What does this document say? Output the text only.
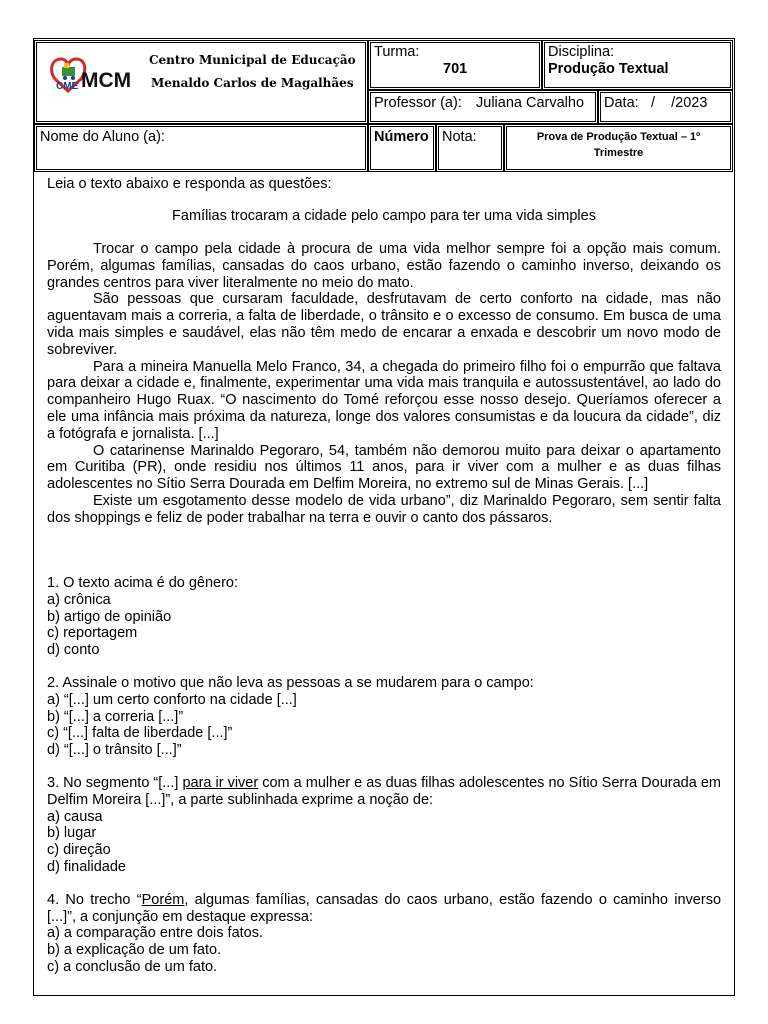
CME MCM
Centro Municipal de Educação
Menaldo Carlos de Magalhães
Turma:
701
Disciplina:
Produção Textual
Professor (a): Juliana Carvalho Data: /    /2023
Nome do Aluno (a):	Número Nota:	Prova de Produção Textual – 1º Trimestre

Leia o texto abaixo e responda as questões:

Famílias trocaram a cidade pelo campo para ter uma vida simples

Trocar o campo pela cidade à procura de uma vida melhor sempre foi a opção mais comum. Porém, algumas famílias, cansadas do caos urbano, estão fazendo o caminho inverso, deixando os grandes centros para viver literalmente no meio do mato.

São pessoas que cursaram faculdade, desfrutavam de certo conforto na cidade, mas não aguentavam mais a correria, a falta de liberdade, o trânsito e o excesso de consumo. Em busca de uma vida mais simples e saudável, elas não têm medo de encarar a enxada e descobrir um novo modo de sobreviver.

Para a mineira Manuella Melo Franco, 34, a chegada do primeiro filho foi o empurrão que faltava para deixar a cidade e, finalmente, experimentar uma vida mais tranquila e autossustentável, ao lado do companheiro Hugo Ruax. “O nascimento do Tomé reforçou esse nosso desejo. Queríamos oferecer a ele uma infância mais próxima da natureza, longe dos valores consumistas e da loucura da cidade”, diz a fotógrafa e jornalista. [...]

O catarinense Marinaldo Pegoraro, 54, também não demorou muito para deixar o apartamento em Curitiba (PR), onde residiu nos últimos 11 anos, para ir viver com a mulher e as duas filhas adolescentes no Sítio Serra Dourada em Delfim Moreira, no extremo sul de Minas Gerais. [...]

Existe um esgotamento desse modelo de vida urbano”, diz Marinaldo Pegoraro, sem sentir falta dos shoppings e feliz de poder trabalhar na terra e ouvir o canto dos pássaros.

1. O texto acima é do gênero:

a) crônica

b) artigo de opinião

c) reportagem

d) conto

2. Assinale o motivo que não leva as pessoas a se mudarem para o campo:

a) “[...] um certo conforto na cidade [...]

b) “[...] a correria [...]”

c) “[...] falta de liberdade [...]”

d) “[...] o trânsito [...]”

3. No segmento “[...] para ir viver com a mulher e as duas filhas adolescentes no Sítio Serra Dourada em Delfim Moreira [...]”, a parte sublinhada exprime a noção de:

a) causa

b) lugar

c) direção

d) finalidade

4. No trecho “Porém, algumas famílias, cansadas do caos urbano, estão fazendo o caminho inverso [...]”, a conjunção em destaque expressa:

a) a comparação entre dois fatos.

b) a explicação de um fato.

c) a conclusão de um fato.
